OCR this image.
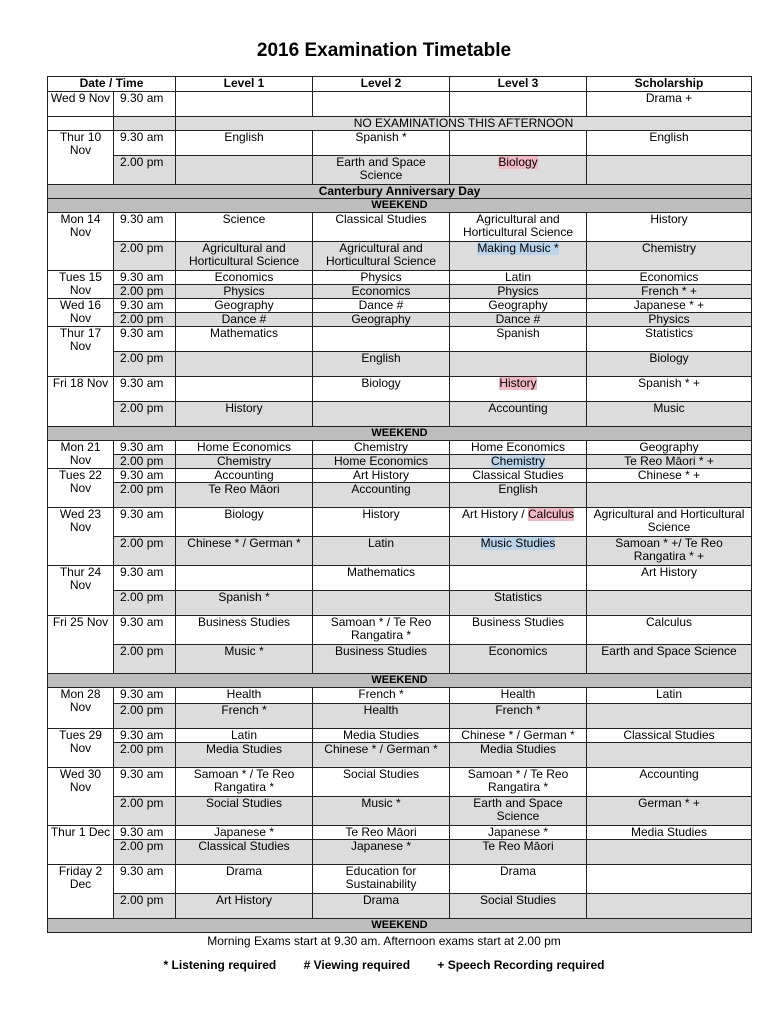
2016 Examination Timetable
Date / Time		Level 1	Level 2	Level 3	Scholarship
Wed 9 Nov	9.30 am				Drama +
		NO EXAMINATIONS THIS AFTERNOON			
Thur 10 Nov	9.30 am	English	Spanish *		English
	2.00 pm		Earth and Space Science	Biology	
Canterbury Anniversary Day					
WEEKEND					
Mon 14 Nov	9.30 am	Science	Classical Studies	Agricultural and Horticultural Science	History
	2.00 pm	Agricultural and Horticultural Science	Agricultural and Horticultural Science	Making Music *	Chemistry
Tues 15 Nov	9.30 am	Economics	Physics	Latin	Economics
	2.00 pm	Physics	Economics	Physics	French * +
Wed 16 Nov	9.30 am	Geography	Dance #	Geography	Japanese * +
	2.00 pm	Dance #	Geography	Dance #	Physics
Thur 17 Nov	9.30 am	Mathematics		Spanish	Statistics
	2.00 pm		English		Biology
Fri 18 Nov	9.30 am		Biology	History	Spanish * +
	2.00 pm	History		Accounting	Music
WEEKEND					
Mon 21 Nov	9.30 am	Home Economics	Chemistry	Home Economics	Geography
	2.00 pm	Chemistry	Home Economics	Chemistry	Te Reo Māori * +
Tues 22 Nov	9.30 am	Accounting	Art History	Classical Studies	Chinese * +
	2.00 pm	Te Reo Māori	Accounting	English	
Wed 23 Nov	9.30 am	Biology	History	Art History / Calculus	Agricultural and Horticultural Science
	2.00 pm	Chinese * / German *	Latin	Music Studies	Samoan * +/ Te Reo Rangatira * +
Thur 24 Nov	9.30 am		Mathematics		Art History
	2.00 pm	Spanish *		Statistics	
Fri 25 Nov	9.30 am	Business Studies	Samoan * / Te Reo Rangatira *	Business Studies	Calculus
	2.00 pm	Music *	Business Studies	Economics	Earth and Space Science
WEEKEND					
Mon 28 Nov	9.30 am	Health	French *	Health	Latin
	2.00 pm	French *	Health	French *	
Tues 29 Nov	9.30 am	Latin	Media Studies	Chinese * / German *	Classical Studies
	2.00 pm	Media Studies	Chinese * / German *	Media Studies	
Wed 30 Nov	9.30 am	Samoan * / Te Reo Rangatira *	Social Studies	Samoan * / Te Reo Rangatira *	Accounting
	2.00 pm	Social Studies	Music *	Earth and Space Science	German * +
Thur 1 Dec	9.30 am	Japanese *	Te Reo Māori	Japanese *	Media Studies
	2.00 pm	Classical Studies	Japanese *	Te Reo Māori	
Friday 2 Dec	9.30 am	Drama	Education for Sustainability	Drama	
	2.00 pm	Art History	Drama	Social Studies	
WEEKEND					
Morning Exams start at 9.30 am. Afternoon exams start at 2.00 pm
* Listening required # Viewing required + Speech Recording required
